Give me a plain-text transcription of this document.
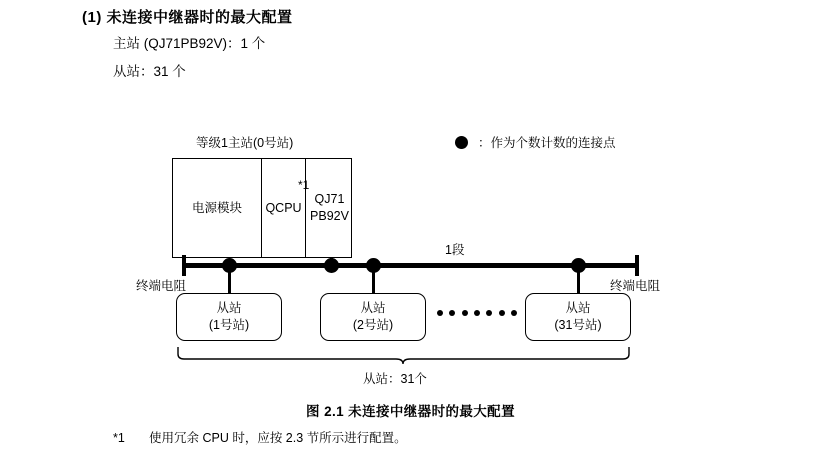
(1) 未连接中继器时的最大配置
主站 (QJ71PB92V)：1 个
从站：31 个
：作为个数计数的连接点
等级1主站(0号站)
电源模块	QCPU
QJ71
PB92V
*1
1段
终端电阻	终端电阻
从站
(1号站)
从站
(2号站)
从站
(31号站)
从站：31个
图 2.1 未连接中继器时的最大配置
*1 使用冗余 CPU 时，应按 2.3 节所示进行配置。
